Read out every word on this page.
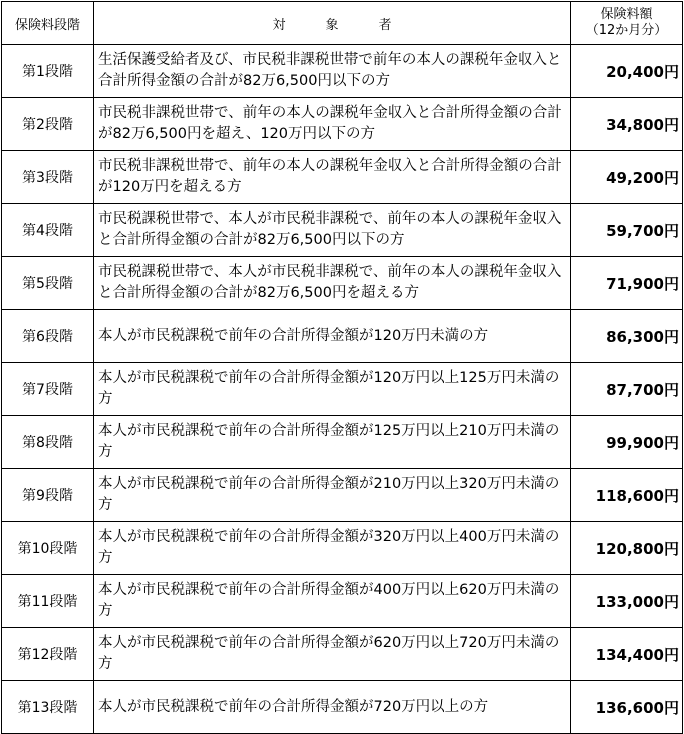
保険料段階	対象者	保険料額
（12か月分）

第1段階	生活保護受給者及び、市民税非課税世帯で前年の本人の課税年金収入と合計所得金額の合計が82万6,500円以下の方	20,400円
第2段階	市民税非課税世帯で、前年の本人の課税年金収入と合計所得金額の合計が82万6,500円を超え、120万円以下の方	34,800円
第3段階	市民税非課税世帯で、前年の本人の課税年金収入と合計所得金額の合計が120万円を超える方	49,200円
第4段階	市民税課税世帯で、本人が市民税非課税で、前年の本人の課税年金収入と合計所得金額の合計が82万6,500円以下の方	59,700円
第5段階	市民税課税世帯で、本人が市民税非課税で、前年の本人の課税年金収入と合計所得金額の合計が82万6,500円を超える方	71,900円
第6段階	本人が市民税課税で前年の合計所得金額が120万円未満の方	86,300円
第7段階	本人が市民税課税で前年の合計所得金額が120万円以上125万円未満の方	87,700円
第8段階	本人が市民税課税で前年の合計所得金額が125万円以上210万円未満の方	99,900円
第9段階	本人が市民税課税で前年の合計所得金額が210万円以上320万円未満の方	118,600円
第10段階	本人が市民税課税で前年の合計所得金額が320万円以上400万円未満の方	120,800円
第11段階	本人が市民税課税で前年の合計所得金額が400万円以上620万円未満の方	133,000円
第12段階	本人が市民税課税で前年の合計所得金額が620万円以上720万円未満の方	134,400円
第13段階	本人が市民税課税で前年の合計所得金額が720万円以上の方	136,600円
